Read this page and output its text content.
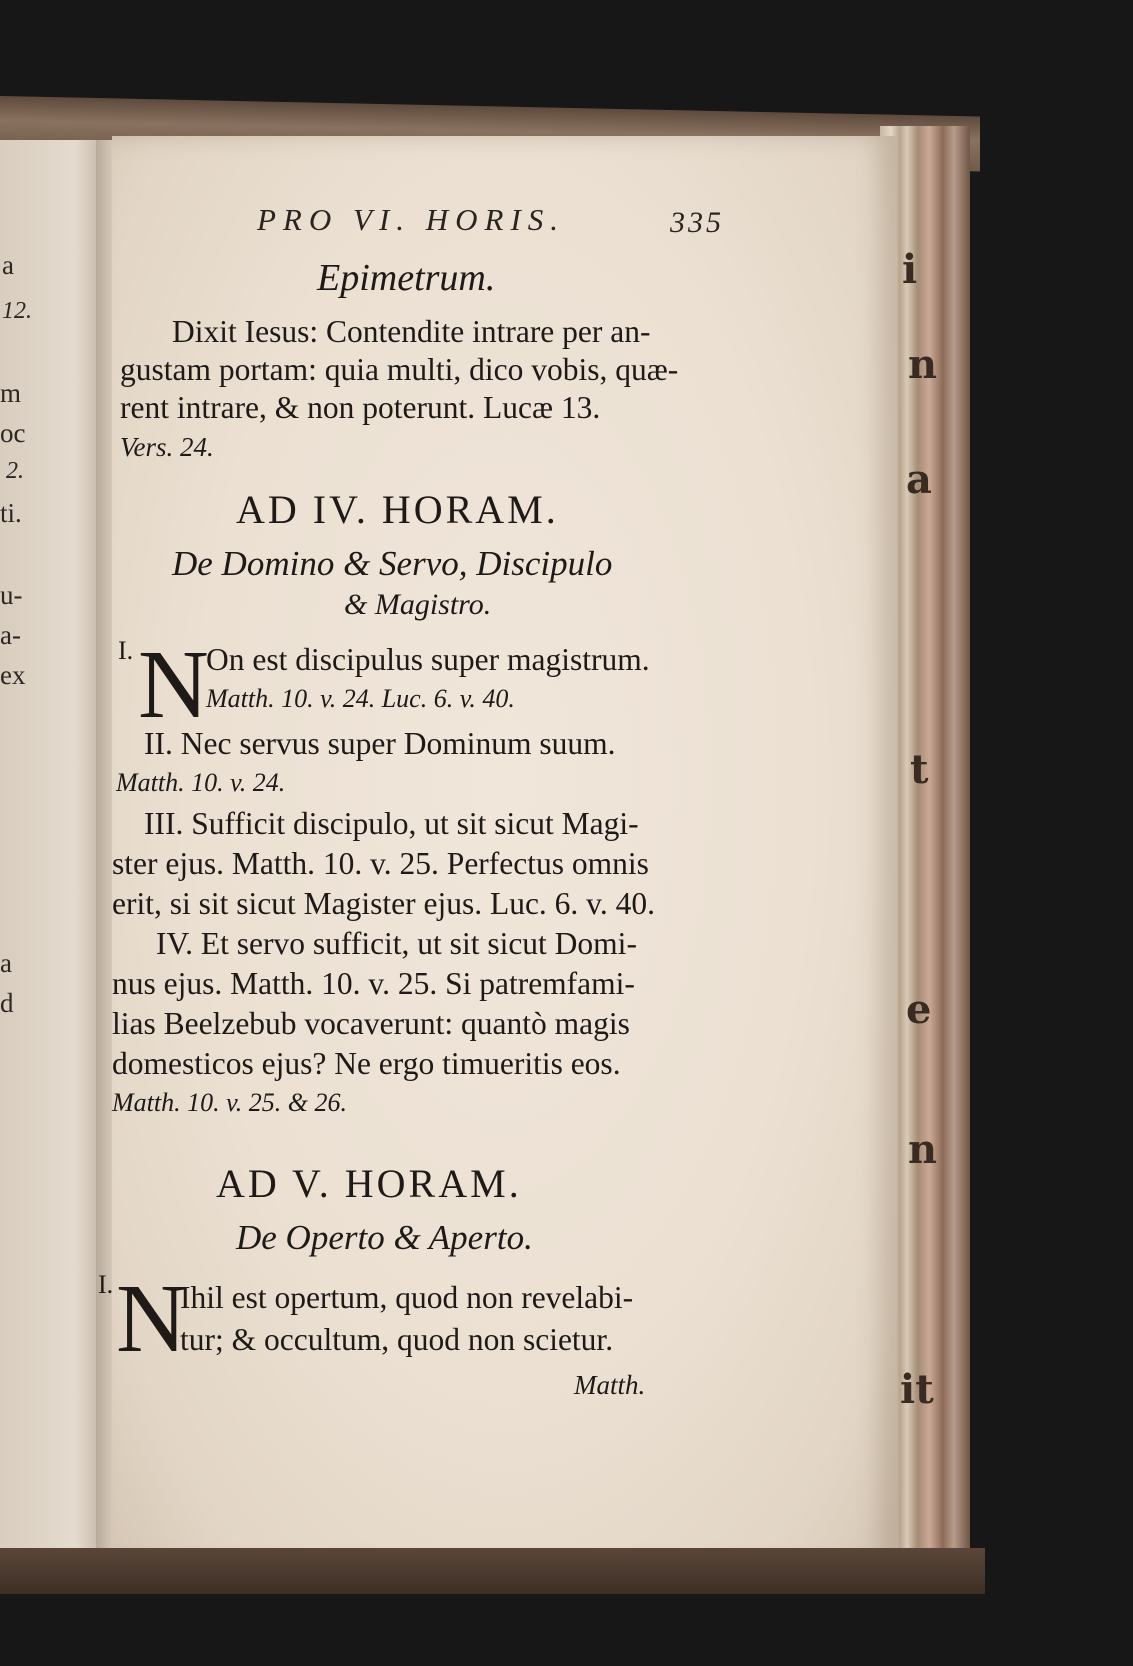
i
n
a
t
e
n
it
a
12.
m
oc
2.
ti.
u-
a-
ex
a
d
PRO VI. HORIS.	335
Epimetrum.
Dixit Iesus: Contendite intrare per an-
gustam portam: quia multi, dico vobis, quæ-
rent intrare, & non poterunt. Lucæ 13.
Vers. 24.
AD IV. HORAM.
De Domino & Servo, Discipulo
& Magistro.
I. N
On est discipulus super magistrum.
Matth. 10. v. 24. Luc. 6. v. 40.
II. Nec servus super Dominum suum.
Matth. 10. v. 24.
III. Sufficit discipulo, ut sit sicut Magi-
ster ejus. Matth. 10. v. 25. Perfectus omnis
erit, si sit sicut Magister ejus. Luc. 6. v. 40.
IV. Et servo sufficit, ut sit sicut Domi-
nus ejus. Matth. 10. v. 25. Si patremfami-
lias Beelzebub vocaverunt: quantò magis
domesticos ejus? Ne ergo timueritis eos.
Matth. 10. v. 25. & 26.
AD V. HORAM.
De Operto & Aperto.
I. N
Ihil est opertum, quod non revelabi-
tur; & occultum, quod non scietur.
Matth.
